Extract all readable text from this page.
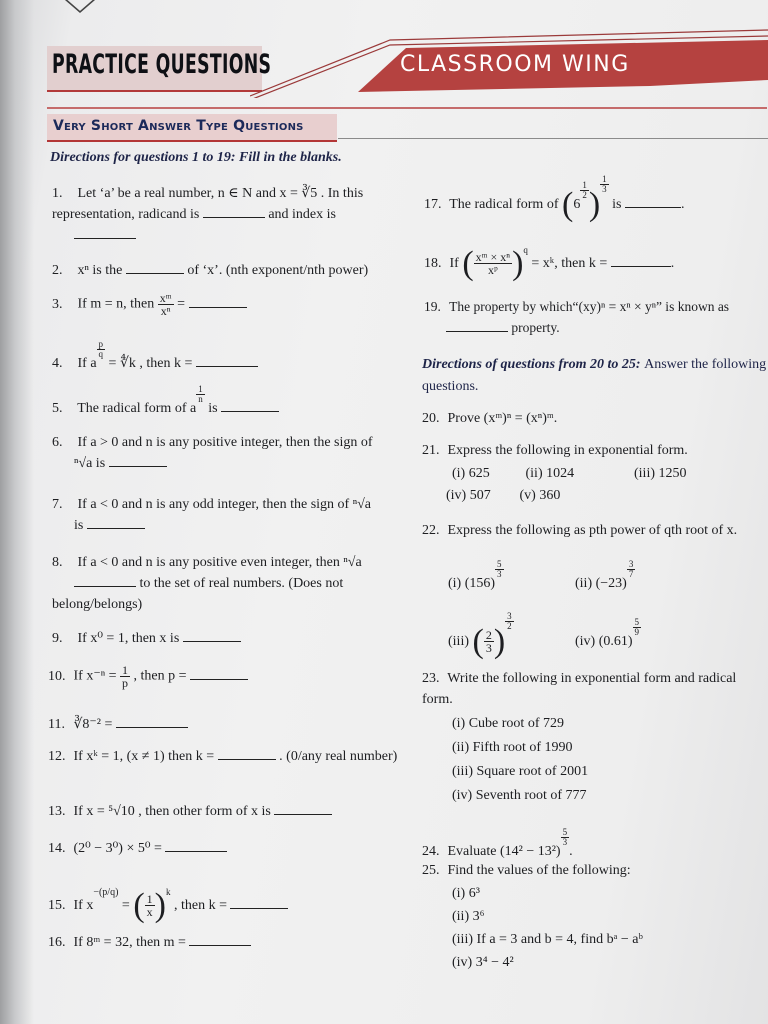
PRACTICE QUESTIONS	CLASSROOM WING
Very Short Answer Type Questions
Directions for questions 1 to 19: Fill in the blanks.
1. Let ‘a’ be a real number, n ∈ N and x = ∛5 . In this representation, radicand is	and index is
2. xⁿ is the	of ‘x’. (nth exponent/nth power)
3. If m = n, then $\frac{\text{xᵐ}}{\text{xⁿ}}$ =
4. If a
$\frac{p}{q}$
= ∜k , then k =
5. The radical form of a
$\frac{1}{n}$
is
6. If a > 0 and n is any positive integer, then the sign of ⁿ√a is
7. If a < 0 and n is any odd integer, then the sign of ⁿ√a
is
8. If a < 0 and n is any positive even integer, then ⁿ√a
to the set of real numbers. (Does not belong/belongs)
9. If x⁰ = 1, then x is
10. If $x^{-n} = \frac{1}{p}$ , then p =
11. ∛8⁻² =
12. If xᵏ = 1, (x ≠ 1) then k =	. (0/any real number)
13. If x = ⁵√10 , then other form of x is
14. (2⁰ − 3⁰) × 5⁰ =
15. If $x^{-(p/q)}$ = ( $\frac{1}{x} )^k$ , then k =
16. If 8ᵐ = 32, then m =
17. The radical form of (6
$\frac{1}{2}$ )
$\frac{1}{3}$
is	.
18. If ( $\frac{\text{xᵐ × xⁿ}}{\text{xᵖ}} )^q$ = xᵏ, then k =	.
19. The property by which“(xy)ⁿ = xⁿ × yⁿ” is known as
property.
Directions of questions from 20 to 25: Answer the following questions.
20. Prove (xᵐ)ⁿ = (xⁿ)ᵐ.
21. Express the following in exponential form.
(i) 625	(ii) 1024	(iii) 1250
(iv) 507 (v) 360
22. Express the following as pth power of qth root of x.
(i) (156)
$\frac{5}{3}$
(ii) (−23)
$\frac{3}{7}$
(iii) ( $\frac{2}{3}$ )
$\frac{3}{2}$
(iv) (0.61)
$\frac{5}{9}$
23. Write the following in exponential form and radical form.
(i) Cube root of 729
(ii) Fifth root of 1990
(iii) Square root of 2001
(iv) Seventh root of 777
24. Evaluate (14² − 13²)
$\frac{5}{3}$
.
25. Find the values of the following:
(i) 6³
(ii) 3⁶
(iii) If a = 3 and b = 4, find bᵃ − aᵇ
(iv) 3⁴ − 4²
